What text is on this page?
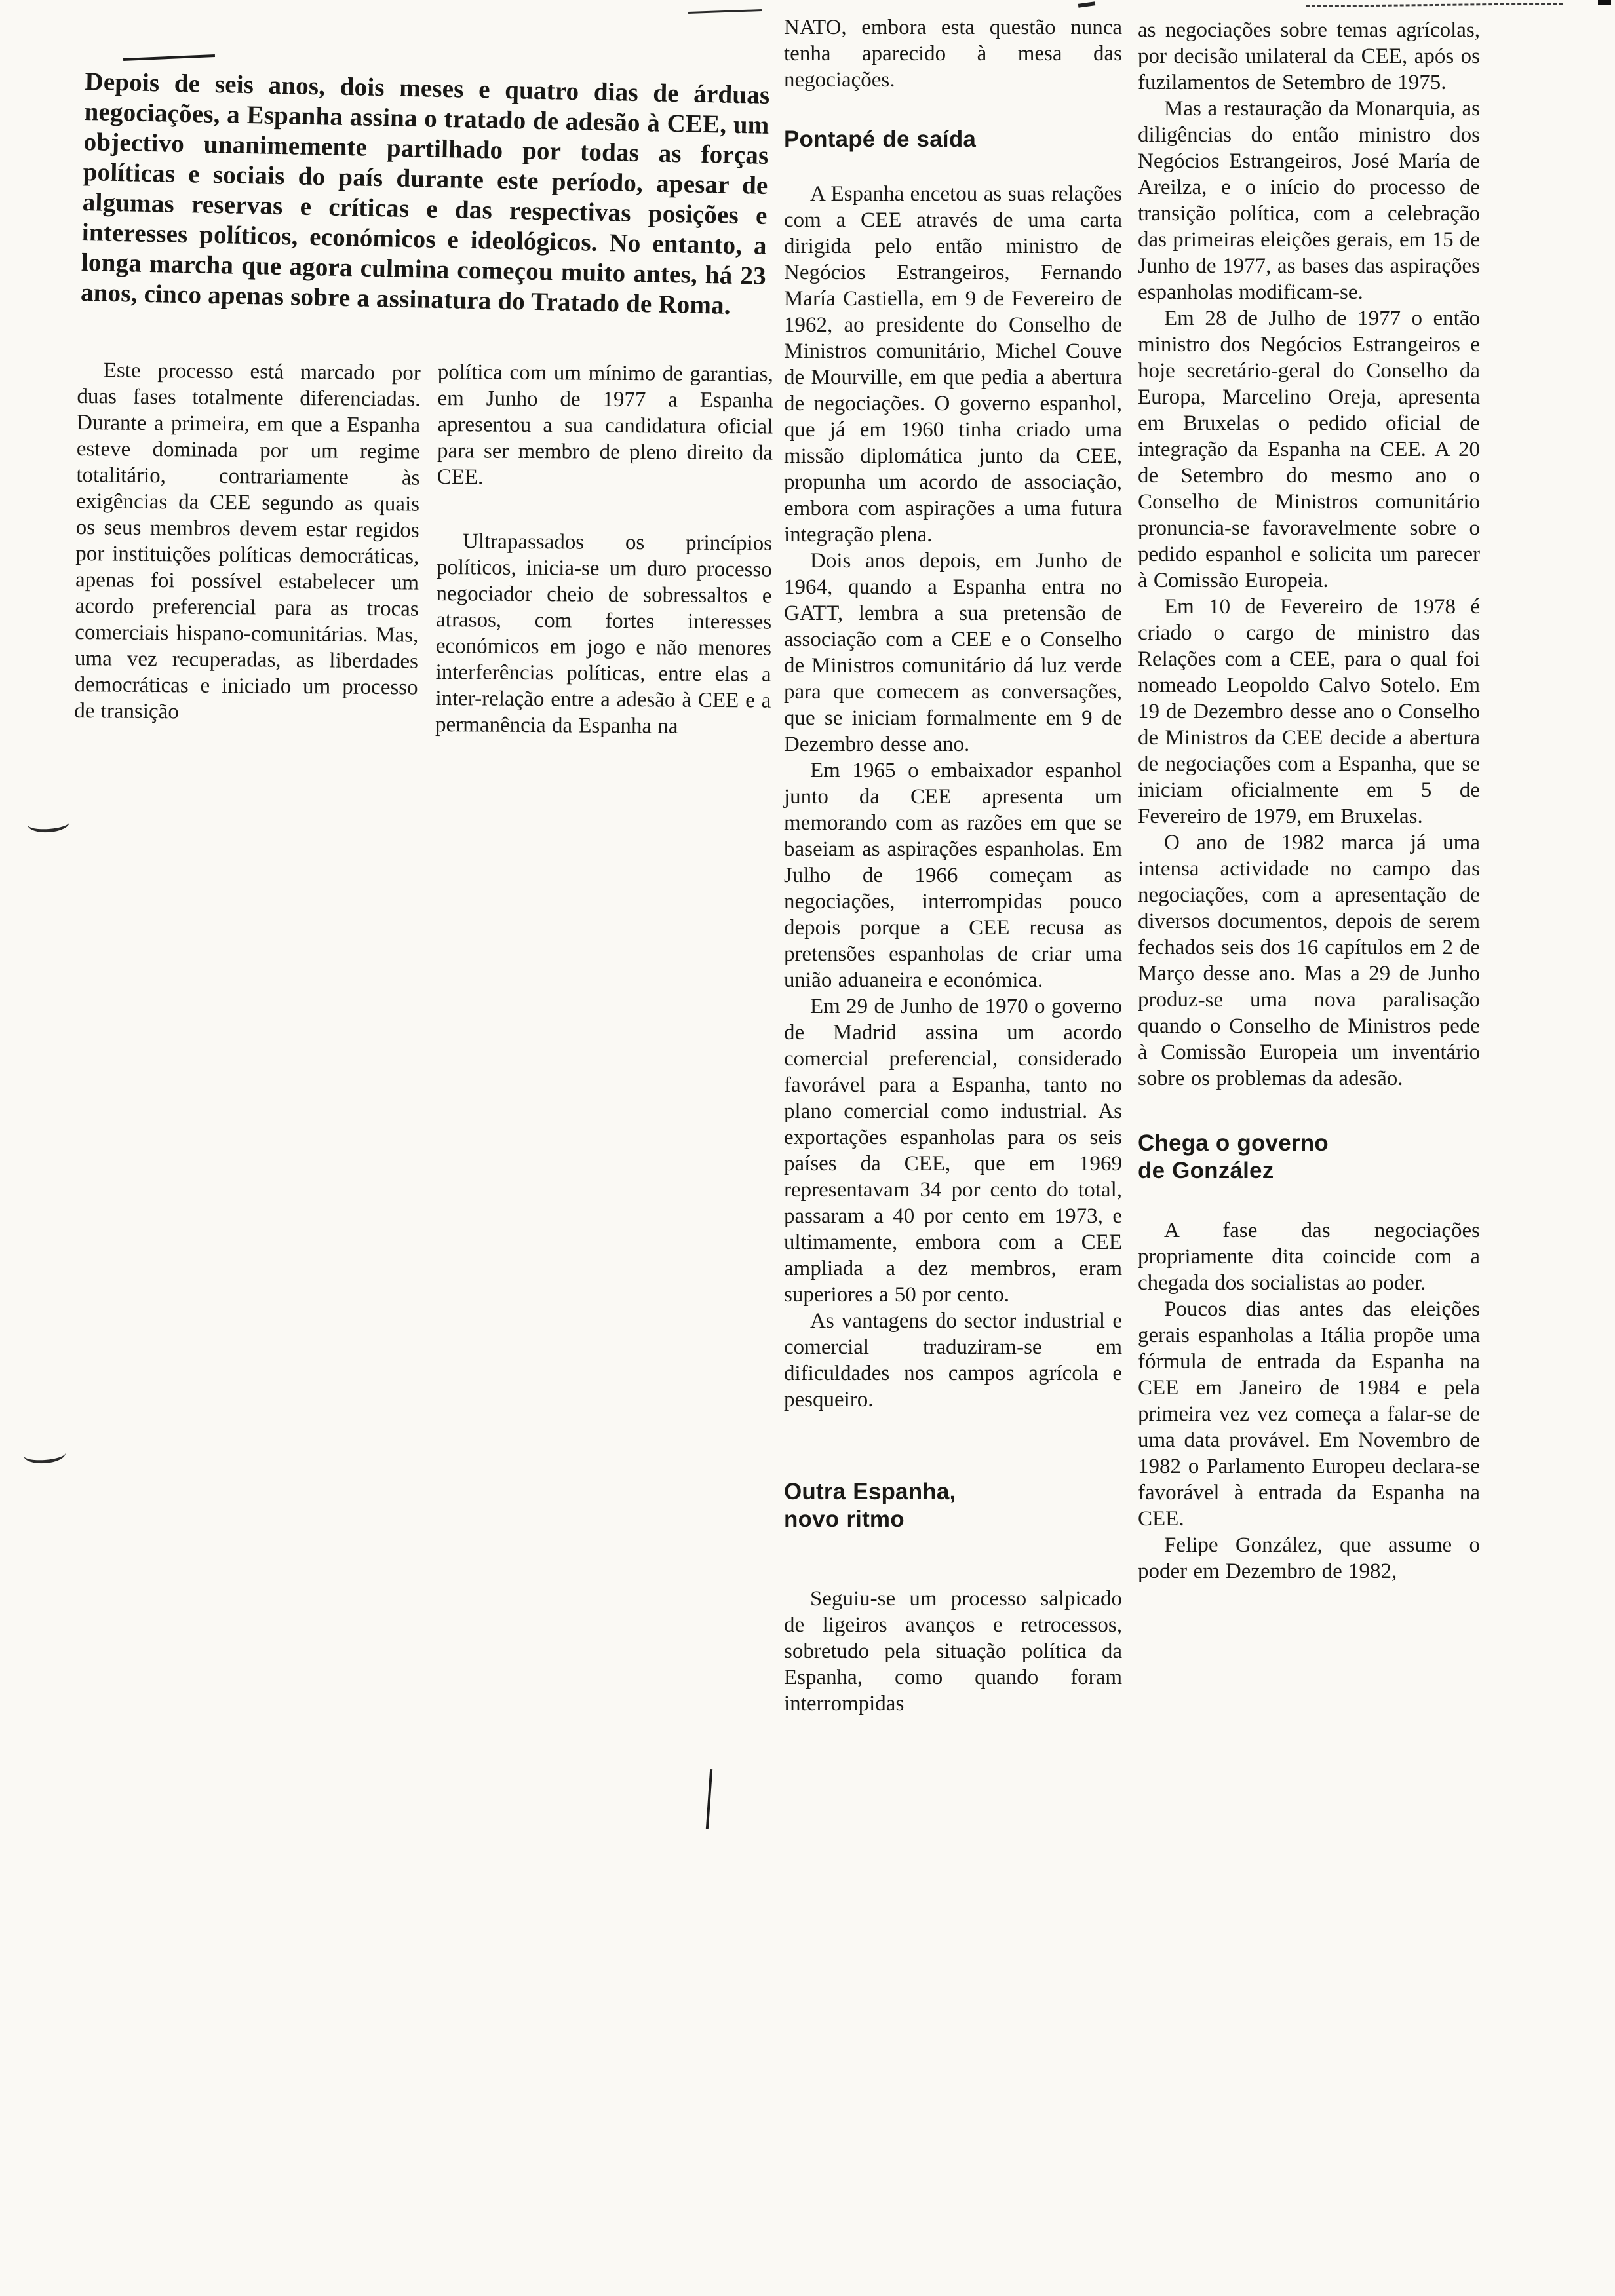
Depois de seis anos, dois meses e quatro dias de árduas negociações, a Espanha assina o tratado de adesão à CEE, um objectivo unanimemente partilhado por todas as forças políticas e sociais do país durante este período, apesar de algumas reservas e críticas e das respectivas posições e interesses políticos, económicos e ideológicos. No entanto, a longa marcha que agora culmina começou muito antes, há 23 anos, cinco apenas sobre a assinatura do Tratado de Roma.

Este processo está marcado por duas fases totalmente diferenciadas. Durante a primeira, em que a Espanha esteve dominada por um regime totalitário, contrariamente às exigências da CEE segundo as quais os seus membros devem estar regidos por instituições políticas democráticas, apenas foi possível estabelecer um acordo preferencial para as trocas comerciais hispano-comunitárias. Mas, uma vez recuperadas, as liberdades democráticas e iniciado um processo de transição

política com um mínimo de garantias, em Junho de 1977 a Espanha apresentou a sua candidatura oficial para ser membro de pleno direito da CEE.

Ultrapassados os princípios políticos, inicia-se um duro processo negociador cheio de sobressaltos e atrasos, com fortes interesses económicos em jogo e não menores interferências políticas, entre elas a inter-relação entre a adesão à CEE e a permanência da Espanha na

NATO, embora esta questão nunca tenha aparecido à mesa das negociações.

Pontapé de saída

A Espanha encetou as suas relações com a CEE através de uma carta dirigida pelo então ministro de Negócios Estrangeiros, Fernando María Castiella, em 9 de Fevereiro de 1962, ao presidente do Conselho de Ministros comunitário, Michel Couve de Mourville, em que pedia a abertura de negociações. O governo espanhol, que já em 1960 tinha criado uma missão diplomática junto da CEE, propunha um acordo de associação, embora com aspirações a uma futura integração plena.

Dois anos depois, em Junho de 1964, quando a Espanha entra no GATT, lembra a sua pretensão de associação com a CEE e o Conselho de Ministros comunitário dá luz verde para que comecem as conversações, que se iniciam formalmente em 9 de Dezembro desse ano.

Em 1965 o embaixador espanhol junto da CEE apresenta um memorando com as razões em que se baseiam as aspirações espanholas. Em Julho de 1966 começam as negociações, interrompidas pouco depois porque a CEE recusa as pretensões espanholas de criar uma união aduaneira e económica.

Em 29 de Junho de 1970 o governo de Madrid assina um acordo comercial preferencial, considerado favorável para a Espanha, tanto no plano comercial como industrial. As exportações espanholas para os seis países da CEE, que em 1969 representavam 34 por cento do total, passaram a 40 por cento em 1973, e ultimamente, embora com a CEE ampliada a dez membros, eram superiores a 50 por cento.

As vantagens do sector industrial e comercial traduziram-se em dificuldades nos campos agrícola e pesqueiro.

Outra Espanha,
novo ritmo

Seguiu-se um processo salpicado de ligeiros avanços e retrocessos, sobretudo pela situação política da Espanha, como quando foram interrompidas

as negociações sobre temas agrícolas, por decisão unilateral da CEE, após os fuzilamentos de Setembro de 1975.

Mas a restauração da Monarquia, as diligências do então ministro dos Negócios Estrangeiros, José María de Areilza, e o início do processo de transição política, com a celebração das primeiras eleições gerais, em 15 de Junho de 1977, as bases das aspirações espanholas modificam-se.

Em 28 de Julho de 1977 o então ministro dos Negócios Estrangeiros e hoje secretário-geral do Conselho da Europa, Marcelino Oreja, apresenta em Bruxelas o pedido oficial de integração da Espanha na CEE. A 20 de Setembro do mesmo ano o Conselho de Ministros comunitário pronuncia-se favoravelmente sobre o pedido espanhol e solicita um parecer à Comissão Europeia.

Em 10 de Fevereiro de 1978 é criado o cargo de ministro das Relações com a CEE, para o qual foi nomeado Leopoldo Calvo Sotelo. Em 19 de Dezembro desse ano o Conselho de Ministros da CEE decide a abertura de negociações com a Espanha, que se iniciam oficialmente em 5 de Fevereiro de 1979, em Bruxelas.

O ano de 1982 marca já uma intensa actividade no campo das negociações, com a apresentação de diversos documentos, depois de serem fechados seis dos 16 capítulos em 2 de Março desse ano. Mas a 29 de Junho produz-se uma nova paralisação quando o Conselho de Ministros pede à Comissão Europeia um inventário sobre os problemas da adesão.

Chega o governo
de González

A fase das negociações propriamente dita coincide com a chegada dos socialistas ao poder.

Poucos dias antes das eleições gerais espanholas a Itália propõe uma fórmula de entrada da Espanha na CEE em Janeiro de 1984 e pela primeira vez vez começa a falar-se de uma data provável. Em Novembro de 1982 o Parlamento Europeu declara-se favorável à entrada da Espanha na CEE.

Felipe González, que assume o poder em Dezembro de 1982,
